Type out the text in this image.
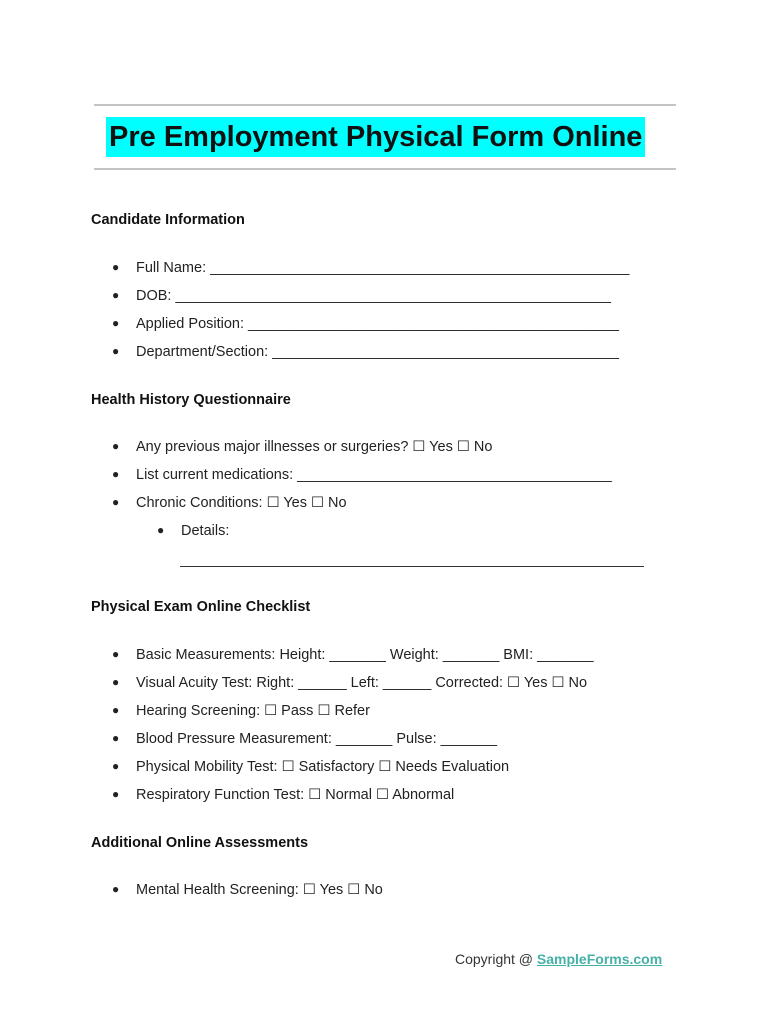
Pre Employment Physical Form Online
Candidate Information
● Full Name: ____________________________________________________
● DOB: ______________________________________________________
● Applied Position: ______________________________________________
● Department/Section: ___________________________________________
Health History Questionnaire
● Any previous major illnesses or surgeries? ☐ Yes ☐ No
● List current medications: _______________________________________
● Chronic Conditions: ☐ Yes ☐ No
● Details:
Physical Exam Online Checklist
● Basic Measurements: Height: _______ Weight: _______ BMI: _______
● Visual Acuity Test: Right: ______ Left: ______ Corrected: ☐ Yes ☐ No
● Hearing Screening: ☐ Pass ☐ Refer
● Blood Pressure Measurement: _______ Pulse: _______
● Physical Mobility Test: ☐ Satisfactory ☐ Needs Evaluation
● Respiratory Function Test: ☐ Normal ☐ Abnormal
Additional Online Assessments
● Mental Health Screening: ☐ Yes ☐ No
Copyright @ SampleForms.com
